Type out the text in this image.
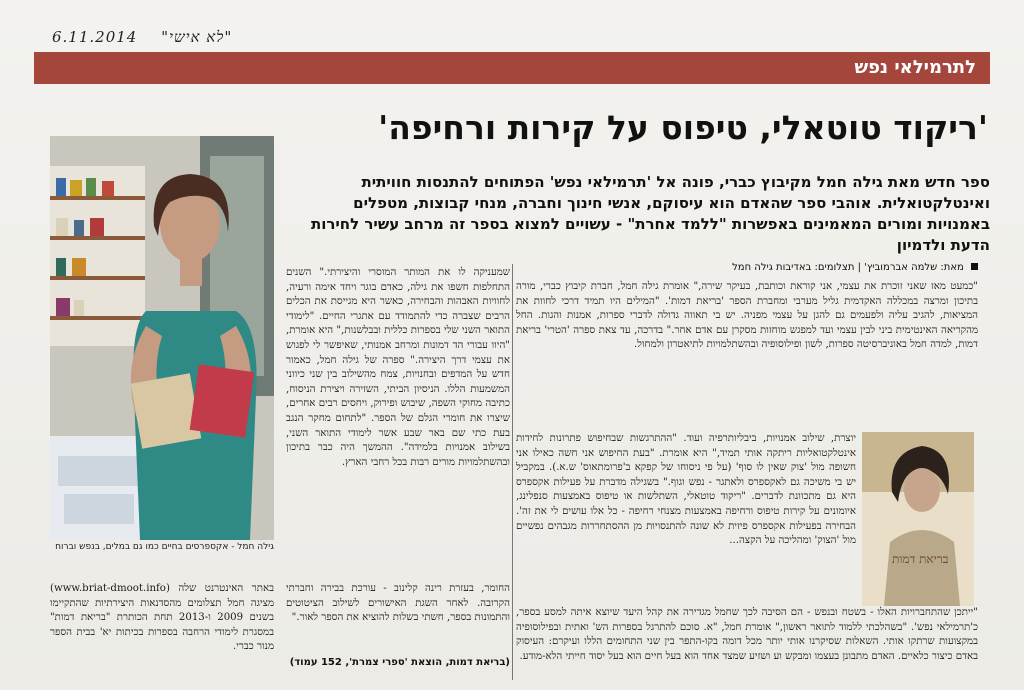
6.11.2014 "לא אישי"
לתרמילאי נפש
'ריקוד טוטאלי, טיפוס על קירות ורחיפה'
ספר חדש מאת גילה חמל מקיבוץ כברי, פונה אל 'תרמילאי נפש' הפתוחים להתנסות חוויתית ואינטלקטואלית. אוהבי ספר שהאדם הוא עיסוקם, אנשי חינוך וחברה, מנחי קבוצות, מטפלים באמנויות ומורים המאמינים באפשרות "ללמד אחרת" - עשויים למצוא בספר זה מרחב עשיר לחירות הדעת ולדמיון
גילה חמל - אקספרסים בחיים כמו גם במלים, בנפש וברוח
מאת: שלמה אברמוביץ' | תצלומים: באדיבות גילה חמל

"כמעט מאז שאני זוכרת את עצמי, אני קוראת וכותבת, בעיקר שירה," אומרת גילה חמל, חברת קיבוץ כברי, מורה בתיכון ומרצה במכללה האקדמית גליל מערבי ומחברת הספר 'בריאת דמות'. "המילים היו תמיד דרכי לחוות את המציאות, להגיב עליה ולפעמים גם להגן על עצמי מפניה. יש בי תאווה גדולה לדברי ספרות, אמנות והגות. החל מהקריאה האינטימית ביני לבין עצמי ועד למפגש מוחזות מסקרן עם אדם אחר." בדרכה, עד צאת ספרה 'הטרי' בריאת דמות, למדה חמל באוניברסיטה ספרות, לשון ופילוסופיה ובהשתלמויות לתיאטרון ולמחול.

יוצרת, שילוב אמנויות, ביבליותרפיה ועוד. "ההתרגשות שבחיפוש פתרונות לחידות אינטלקטואליות ריתקה אותי תמיד," היא אומרת. "בעת החיפוש אני חשה כאילו אני חשופה מול 'צוק שאין לו סוף' (על פי ניסוחו של קפקא ב'פרומתאוס' ש.א.). במקביל יש בי משיכה גם לאקספרס ולאתגר - נפש וגוף." בשגילה מדברת על פעילות אקספרס היא גם מתכוונת לדברים. "ריקוד טוטאלי, השתלשות או טיפוס באמצעות סנפלינג, איומונים על קירות טיפוס ורחיפה באמצעות מצנחי רחיפה - כל אלו עושים לי את זה'. הבחירה בפעילות אקספרס פיזית לא שונה להתנסויות מן ההסתחררות מגבהים נפשיים מול 'הצוק' ומהליכה על הקצה...

בריאת דמות

"ייתכן שהתחברויות האלו - בשטח ובנפש - הם הסיבה לכך שחמל מגדירה את קהל היעד שיוצא איתה למסע בספר, כ'תרמילאי נפש'. "בשהלכתי ללמוד לתואר ראשון," אומרת חמל, "א. סוכם להתרגל בספרות הש' ואתית ובפילוסופיה במקצועות שרתקו אותי. השאלות שסיקרנו אותי יותר מכל דומה בקו-התפר בין שני התחומים הללו ועיקרם: העיסוק באדם כיצור כלאיים. האדם מתבונן בעצמו ומבקש וע ושזיע שמצד אחד הוא בעל חיים הוא בעל יסוד חייתי הלא-מודע.

שמעניקה לו את המותר המוסרי והיצירתי." השנים התחלפות חשפו את גילה, כאדם בוגר ויחד אימה ורעיה, לחוויות האבהות והבחירה, כאשר היא מגייסת את הכלים הרבים שצברה כדי להתמודד עם אתגרי החיים. "לימודי התואר השני שלי בספרות כללית ובבלשנות," היא אומרת, "היוו עבורי הד דמונות ומרחב אמנותי, שאיפשר לי לפגוש את עצמי דרך היצירה." ספרה של גילה חמל, כאמור חדש על המדפים ובחנויות, צמח מהשילוב בין שני כיווני המשמעות הללו. הניסיון הביתי, השזירה ויצירת הניסוח, כתיבה מחוקי השפה, שיבוש ופירוק, ויחסים רבים אחרים, שיצרו את חומרי הגלם של הספר. "לתחום מחקר הנגב בעת כתי שם באר שבע אשר לימודי התואר השני, בשילוב אמנויות בלמידה". ההמשך היה כבר בתיכון ובהשתלמויות מורים רבות בכל רחבי הארץ.

החומר, בעזרת רינה קלינוב - עורכת בבירה וחברתי הקרובה. לאחר השגת האישורים לשילוב הציטוטים והתמונות בספר, חשתי בשלות להוציא את הספר לאור."

באתר האינטרנט שלה (www.briat-dmoot.info) מציגה חמל תצלומים מהסדנאות היצירתיות שהתקיימו בשנים 2009 ו-2013 תחת הכותרת "בריאת דמות" במסגרת לימודי הרחבה בספרות בכיתות יא' בבית הספר מנור כברי.

(בריאת דמות, הוצאת 'ספרי צמרת', 152 עמוד)
